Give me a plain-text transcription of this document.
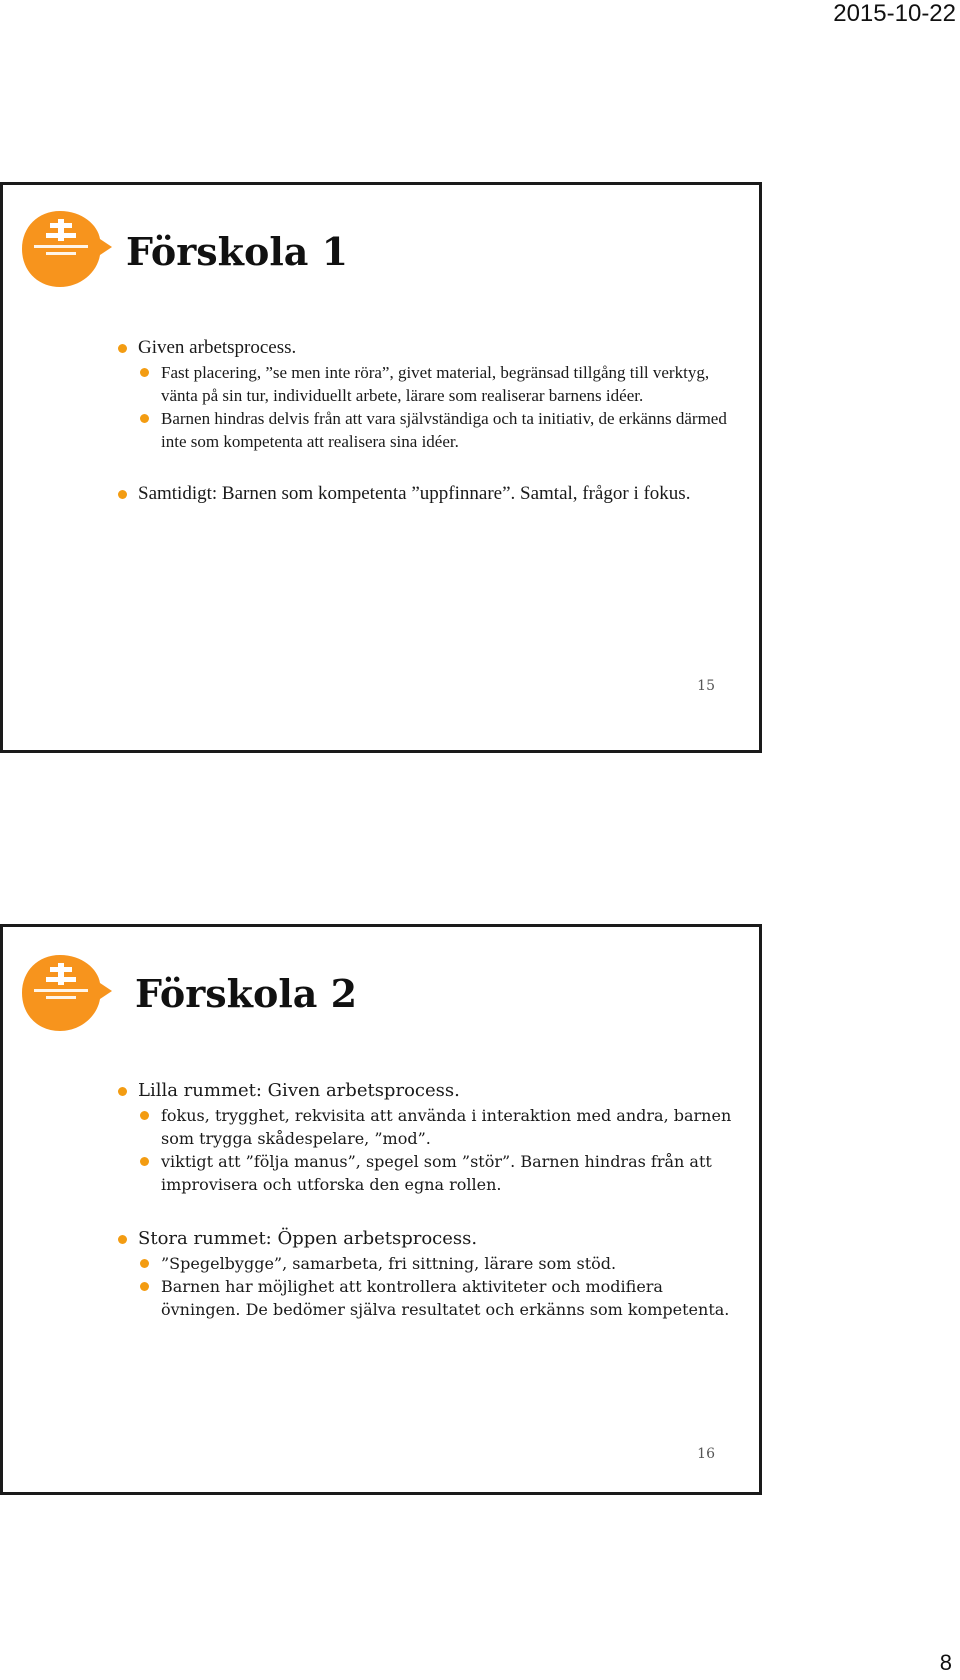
2015-10-22
Förskola 1
Given arbetsprocess.
Fast placering, ”se men inte röra”, givet material, begränsad tillgång till verktyg, vänta på sin tur, individuellt arbete, lärare som realiserar barnens idéer.
Barnen hindras delvis från att vara självständiga och ta initiativ, de erkänns därmed inte som kompetenta att realisera sina idéer.
Samtidigt: Barnen som kompetenta ”uppfinnare”. Samtal, frågor i fokus.
15
Förskola 2
Lilla rummet: Given arbetsprocess.
fokus, trygghet, rekvisita att använda i interaktion med andra, barnen som trygga skådespelare, ”mod”.
viktigt att ”följa manus”, spegel som ”stör”. Barnen hindras från att improvisera och utforska den egna rollen.
Stora rummet: Öppen arbetsprocess.
”Spegelbygge”, samarbeta, fri sittning, lärare som stöd.
Barnen har möjlighet att kontrollera aktiviteter och modifiera övningen. De bedömer själva resultatet och erkänns som kompetenta.
16
8
